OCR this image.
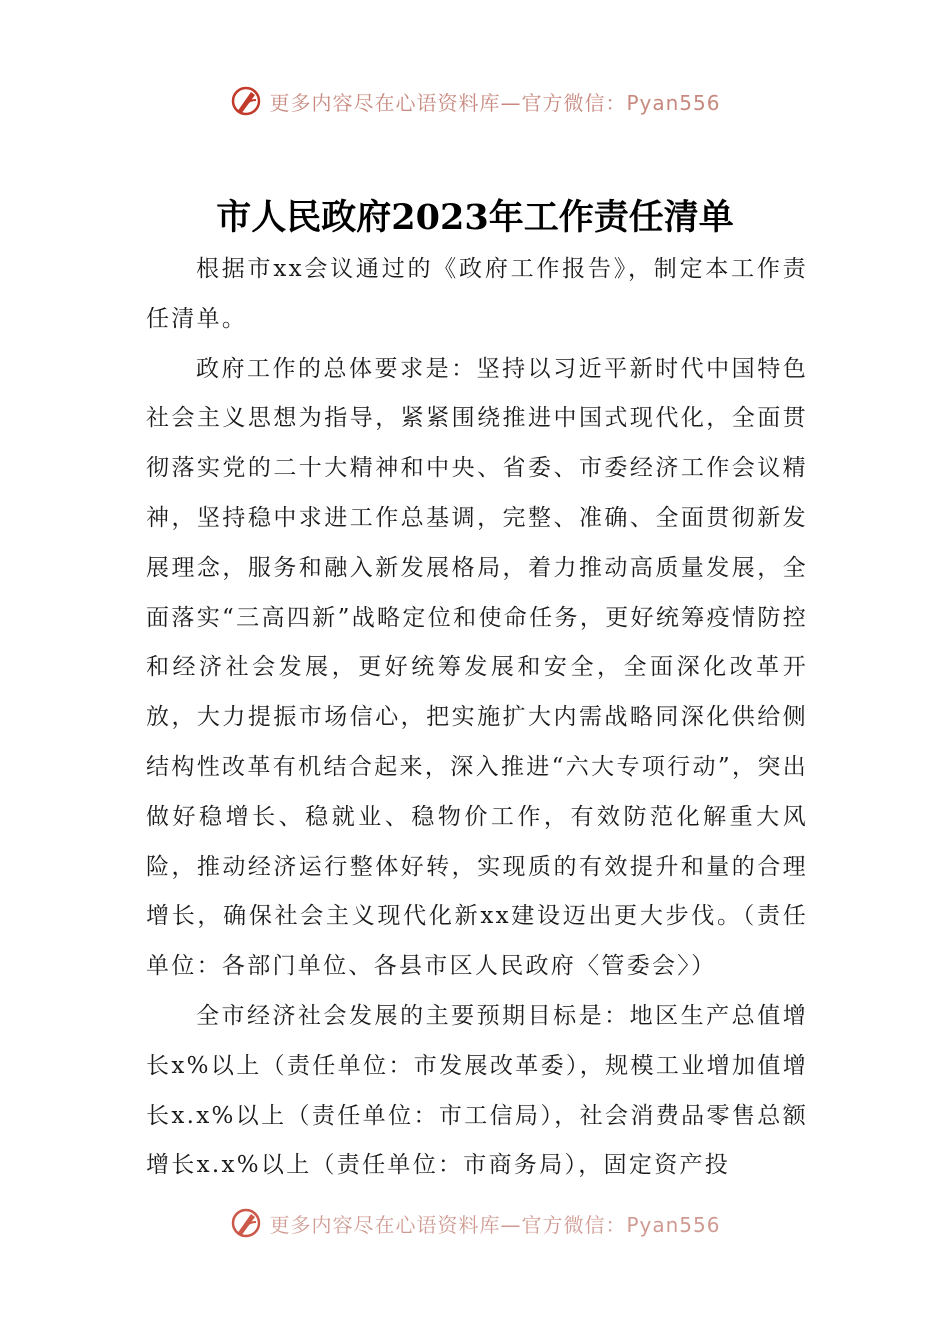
更多内容尽在心语资料库—官方微信：Pyan556
市人民政府2023年工作责任清单

根据市xx会议通过的《政府工作报告》，制定本工作责任清单。

政府工作的总体要求是：坚持以习近平新时代中国特色社会主义思想为指导，紧紧围绕推进中国式现代化，全面贯彻落实党的二十大精神和中央、省委、市委经济工作会议精神，坚持稳中求进工作总基调，完整、准确、全面贯彻新发展理念，服务和融入新发展格局，着力推动高质量发展，全面落实“三高四新”战略定位和使命任务，更好统筹疫情防控和经济社会发展，更好统筹发展和安全，全面深化改革开放，大力提振市场信心，把实施扩大内需战略同深化供给侧结构性改革有机结合起来，深入推进“六大专项行动”，突出做好稳增长、稳就业、稳物价工作，有效防范化解重大风险，推动经济运行整体好转，实现质的有效提升和量的合理增长，确保社会主义现代化新xx建设迈出更大步伐。（责任单位：各部门单位、各县市区人民政府〈管委会〉）

全市经济社会发展的主要预期目标是：地区生产总值增长x%以上（责任单位：市发展改革委），规模工业增加值增长x.x%以上（责任单位：市工信局），社会消费品零售总额增长x.x%以上（责任单位：市商务局），固定资产投

更多内容尽在心语资料库—官方微信：Pyan556
